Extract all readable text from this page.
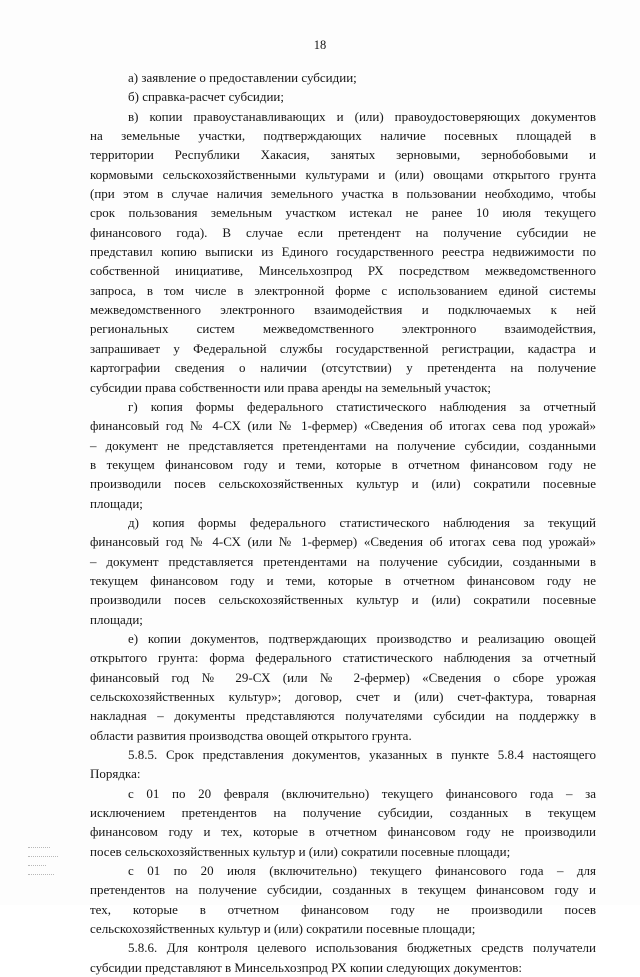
18
а) заявление о предоставлении субсидии;
б) справка-расчет субсидии;
в) копии правоустанавливающих и (или) правоудостоверяющих документов
на земельные участки, подтверждающих наличие посевных площадей в
территории Республики Хакасия, занятых зерновыми, зернобобовыми и
кормовыми сельскохозяйственными культурами и (или) овощами открытого грунта
(при этом в случае наличия земельного участка в пользовании необходимо, чтобы
срок пользования земельным участком истекал не ранее 10 июля текущего
финансового года). В случае если претендент на получение субсидии не
представил копию выписки из Единого государственного реестра недвижимости по
собственной инициативе, Минсельхозпрод РХ посредством межведомственного
запроса, в том числе в электронной форме с использованием единой системы
межведомственного электронного взаимодействия и подключаемых к ней
региональных систем межведомственного электронного взаимодействия,
запрашивает у Федеральной службы государственной регистрации, кадастра и
картографии сведения о наличии (отсутствии) у претендента на получение
субсидии права собственности или права аренды на земельный участок;
г) копия формы федерального статистического наблюдения за отчетный
финансовый год № 4-СХ (или № 1-фермер) «Сведения об итогах сева под урожай»
– документ не представляется претендентами на получение субсидии, созданными
в текущем финансовом году и теми, которые в отчетном финансовом году не
производили посев сельскохозяйственных культур и (или) сократили посевные
площади;
д) копия формы федерального статистического наблюдения за текущий
финансовый год № 4-СХ (или № 1-фермер) «Сведения об итогах сева под урожай»
– документ представляется претендентами на получение субсидии, созданными в
текущем финансовом году и теми, которые в отчетном финансовом году не
производили посев сельскохозяйственных культур и (или) сократили посевные
площади;
е) копии документов, подтверждающих производство и реализацию овощей
открытого грунта: форма федерального статистического наблюдения за отчетный
финансовый год № 29-СХ (или № 2-фермер) «Сведения о сборе урожая
сельскохозяйственных культур»; договор, счет и (или) счет-фактура, товарная
накладная – документы представляются получателями субсидии на поддержку в
области развития производства овощей открытого грунта.
5.8.5. Срок представления документов, указанных в пункте 5.8.4 настоящего
Порядка:
с 01 по 20 февраля (включительно) текущего финансового года – за
исключением претендентов на получение субсидии, созданных в текущем
финансовом году и тех, которые в отчетном финансовом году не производили
посев сельскохозяйственных культур и (или) сократили посевные площади;
с 01 по 20 июля (включительно) текущего финансового года – для
претендентов на получение субсидии, созданных в текущем финансовом году и
тех, которые в отчетном финансовом году не производили посев
сельскохозяйственных культур и (или) сократили посевные площади;
5.8.6. Для контроля целевого использования бюджетных средств получатели
субсидии представляют в Минсельхозпрод РХ копии следующих документов:
